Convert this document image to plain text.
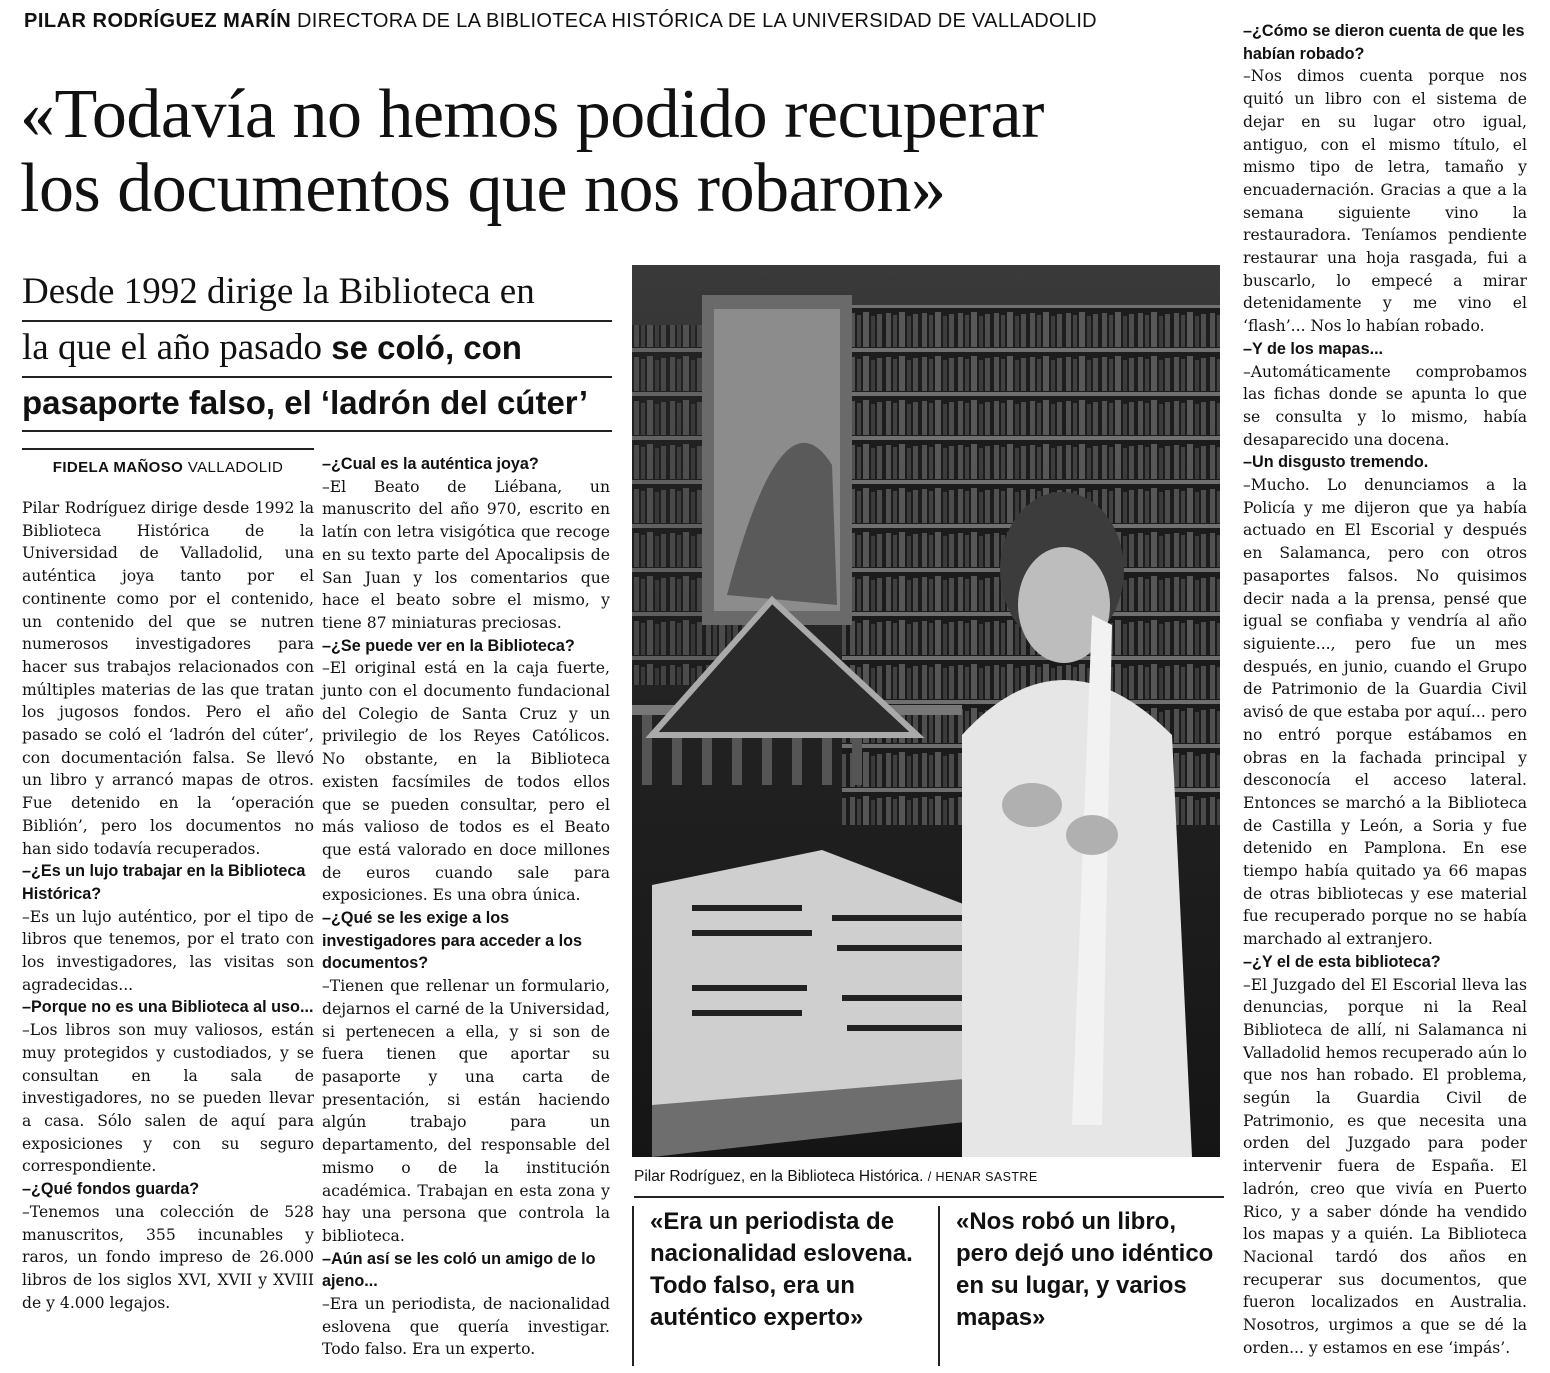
PILAR RODRÍGUEZ MARÍN DIRECTORA DE LA BIBLIOTECA HISTÓRICA DE LA UNIVERSIDAD DE VALLADOLID
«Todavía no hemos podido recuperar
los documentos que nos robaron»
Desde 1992 dirige la Biblioteca en
la que el año pasado se coló, con
pasaporte falso, el ‘ladrón del cúter’
FIDELA MAÑOSO VALLADOLID

Pilar Rodríguez dirige desde 1992 la Biblioteca Histórica de la Universidad de Valladolid, una auténtica joya tanto por el continente como por el contenido, un contenido del que se nutren numerosos investigadores para hacer sus trabajos relacionados con múltiples materias de las que tratan los jugosos fondos. Pero el año pasado se coló el ‘ladrón del cúter’, con documentación falsa. Se llevó un libro y arrancó mapas de otros. Fue detenido en la ‘operación Biblión’, pero los documentos no han sido todavía recuperados.

–¿Es un lujo trabajar en la Biblioteca Histórica?

–Es un lujo auténtico, por el tipo de libros que tenemos, por el trato con los investigadores, las visitas son agradecidas...

–Porque no es una Biblioteca al uso...

–Los libros son muy valiosos, están muy protegidos y custodiados, y se consultan en la sala de investigadores, no se pueden llevar a casa. Sólo salen de aquí para exposiciones y con su seguro correspondiente.

–¿Qué fondos guarda?

–Tenemos una colección de 528 manuscritos, 355 incunables y raros, un fondo impreso de 26.000 libros de los siglos XVI, XVII y XVIII de y 4.000 legajos.

–¿Cual es la auténtica joya?

–El Beato de Liébana, un manuscrito del año 970, escrito en latín con letra visigótica que recoge en su texto parte del Apocalipsis de San Juan y los comentarios que hace el beato sobre el mismo, y tiene 87 miniaturas preciosas.

–¿Se puede ver en la Biblioteca?

–El original está en la caja fuerte, junto con el documento fundacional del Colegio de Santa Cruz y un privilegio de los Reyes Católicos. No obstante, en la Biblioteca existen facsímiles de todos ellos que se pueden consultar, pero el más valioso de todos es el Beato que está valorado en doce millones de euros cuando sale para exposiciones. Es una obra única.

–¿Qué se les exige a los investigadores para acceder a los documentos?

–Tienen que rellenar un formulario, dejarnos el carné de la Universidad, si pertenecen a ella, y si son de fuera tienen que aportar su pasaporte y una carta de presentación, si están haciendo algún trabajo para un departamento, del responsable del mismo o de la institución académica. Trabajan en esta zona y hay una persona que controla la biblioteca.

–Aún así se les coló un amigo de lo ajeno...

–Era un periodista, de nacionalidad eslovena que quería investigar. Todo falso. Era un experto.

Pilar Rodríguez, en la Biblioteca Histórica. / HENAR SASTRE
«Era un periodista de nacionalidad eslovena. Todo falso, era un auténtico experto»
«Nos robó un libro, pero dejó uno idéntico en su lugar, y varios mapas»

–¿Cómo se dieron cuenta de que les habían robado?

–Nos dimos cuenta porque nos quitó un libro con el sistema de dejar en su lugar otro igual, antiguo, con el mismo título, el mismo tipo de letra, tamaño y encuadernación. Gracias a que a la semana siguiente vino la restauradora. Teníamos pendiente restaurar una hoja rasgada, fui a buscarlo, lo empecé a mirar detenidamente y me vino el ‘flash’... Nos lo habían robado.

–Y de los mapas...

–Automáticamente comprobamos las fichas donde se apunta lo que se consulta y lo mismo, había desaparecido una docena.

–Un disgusto tremendo.

–Mucho. Lo denunciamos a la Policía y me dijeron que ya había actuado en El Escorial y después en Salamanca, pero con otros pasaportes falsos. No quisimos decir nada a la prensa, pensé que igual se confiaba y vendría al año siguiente..., pero fue un mes después, en junio, cuando el Grupo de Patrimonio de la Guardia Civil avisó de que estaba por aquí... pero no entró porque estábamos en obras en la fachada principal y desconocía el acceso lateral. Entonces se marchó a la Biblioteca de Castilla y León, a Soria y fue detenido en Pamplona. En ese tiempo había quitado ya 66 mapas de otras bibliotecas y ese material fue recuperado porque no se había marchado al extranjero.

–¿Y el de esta biblioteca?

–El Juzgado del El Escorial lleva las denuncias, porque ni la Real Biblioteca de allí, ni Salamanca ni Valladolid hemos recuperado aún lo que nos han robado. El problema, según la Guardia Civil de Patrimonio, es que necesita una orden del Juzgado para poder intervenir fuera de España. El ladrón, creo que vivía en Puerto Rico, y a saber dónde ha vendido los mapas y a quién. La Biblioteca Nacional tardó dos años en recuperar sus documentos, que fueron localizados en Australia. Nosotros, urgimos a que se dé la orden... y estamos en ese ‘impás’.
